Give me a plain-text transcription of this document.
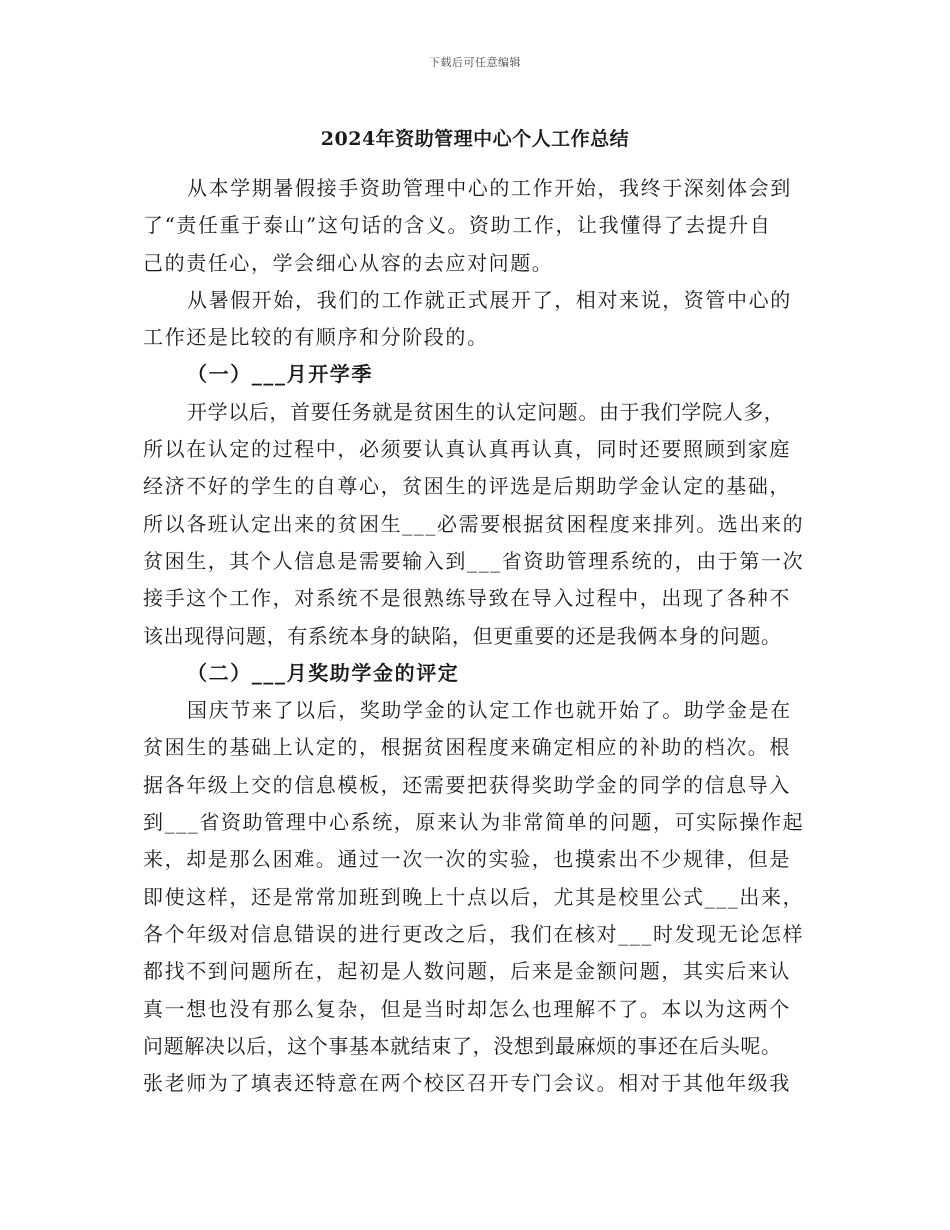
下载后可任意编辑
2024年资助管理中心个人工作总结
从本学期暑假接手资助管理中心的工作开始，我终于深刻体会到
了“责任重于泰山”这句话的含义。资助工作，让我懂得了去提升自
己的责任心，学会细心从容的去应对问题。
从暑假开始，我们的工作就正式展开了，相对来说，资管中心的
工作还是比较的有顺序和分阶段的。
（一）___月开学季
开学以后，首要任务就是贫困生的认定问题。由于我们学院人多，
所以在认定的过程中，必须要认真认真再认真，同时还要照顾到家庭
经济不好的学生的自尊心，贫困生的评选是后期助学金认定的基础，
所以各班认定出来的贫困生___必需要根据贫困程度来排列。选出来的
贫困生，其个人信息是需要输入到___省资助管理系统的，由于第一次
接手这个工作，对系统不是很熟练导致在导入过程中，出现了各种不
该出现得问题，有系统本身的缺陷，但更重要的还是我俩本身的问题。
（二）___月奖助学金的评定
国庆节来了以后，奖助学金的认定工作也就开始了。助学金是在
贫困生的基础上认定的，根据贫困程度来确定相应的补助的档次。根
据各年级上交的信息模板，还需要把获得奖助学金的同学的信息导入
到___省资助管理中心系统，原来认为非常简单的问题，可实际操作起
来，却是那么困难。通过一次一次的实验，也摸索出不少规律，但是
即使这样，还是常常加班到晚上十点以后，尤其是校里公式___出来，
各个年级对信息错误的进行更改之后，我们在核对___时发现无论怎样
都找不到问题所在，起初是人数问题，后来是金额问题，其实后来认
真一想也没有那么复杂，但是当时却怎么也理解不了。本以为这两个
问题解决以后，这个事基本就结束了，没想到最麻烦的事还在后头呢。
张老师为了填表还特意在两个校区召开专门会议。相对于其他年级我
